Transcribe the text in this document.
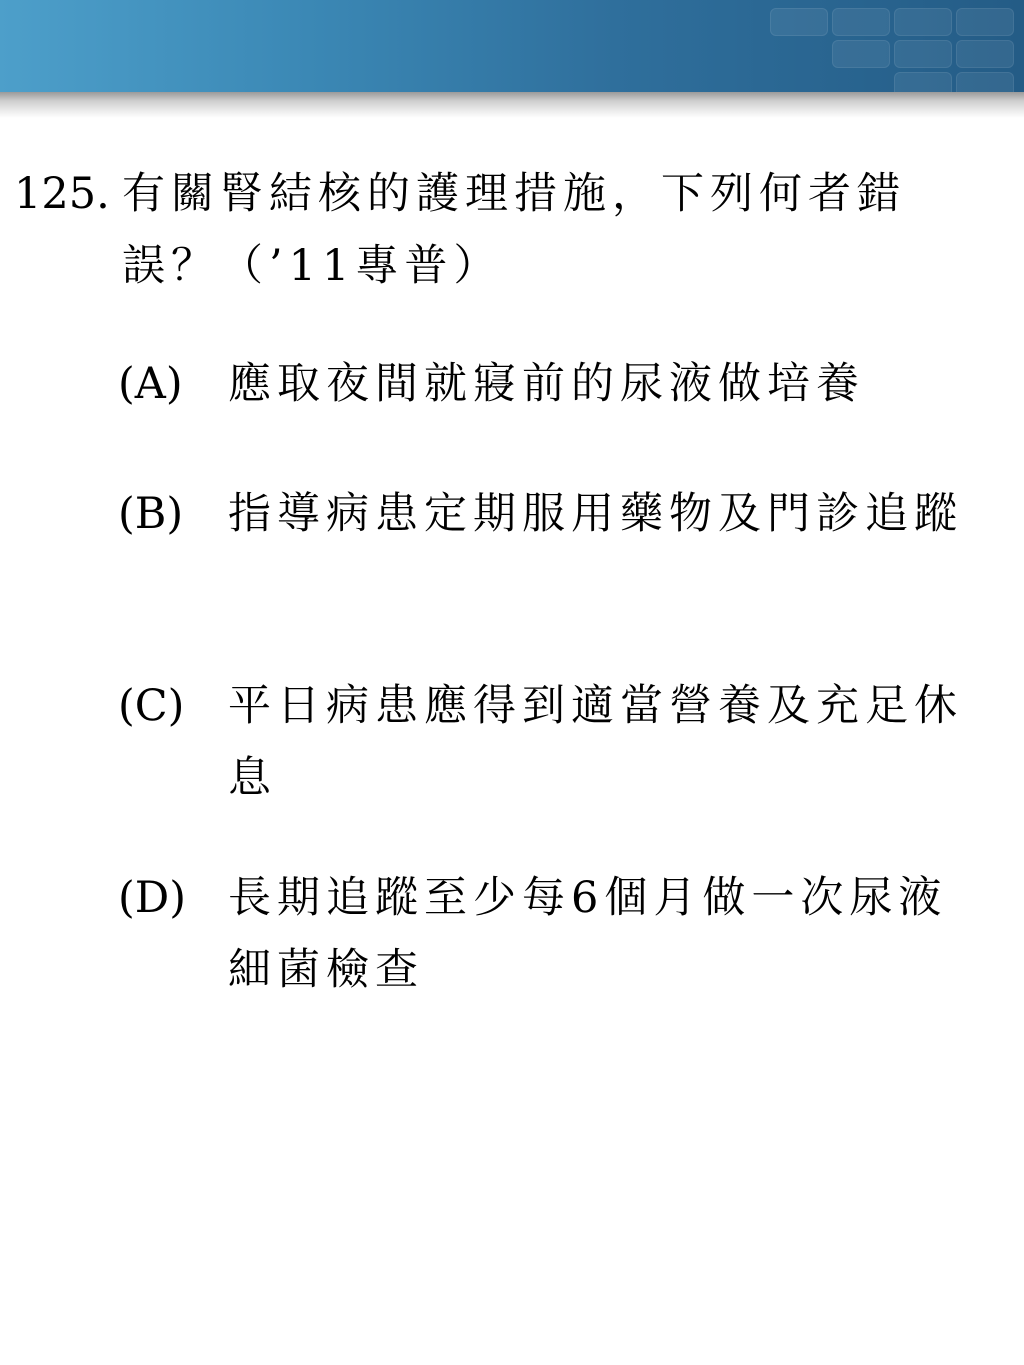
125. 有關腎結核的護理措施，下列何者錯誤？（’11專普）
(A)	應取夜間就寢前的尿液做培養
(B)	指導病患定期服用藥物及門診追蹤
(C)	平日病患應得到適當營養及充足休息
(D) 長期追蹤至少每6個月做一次尿液細菌檢查
